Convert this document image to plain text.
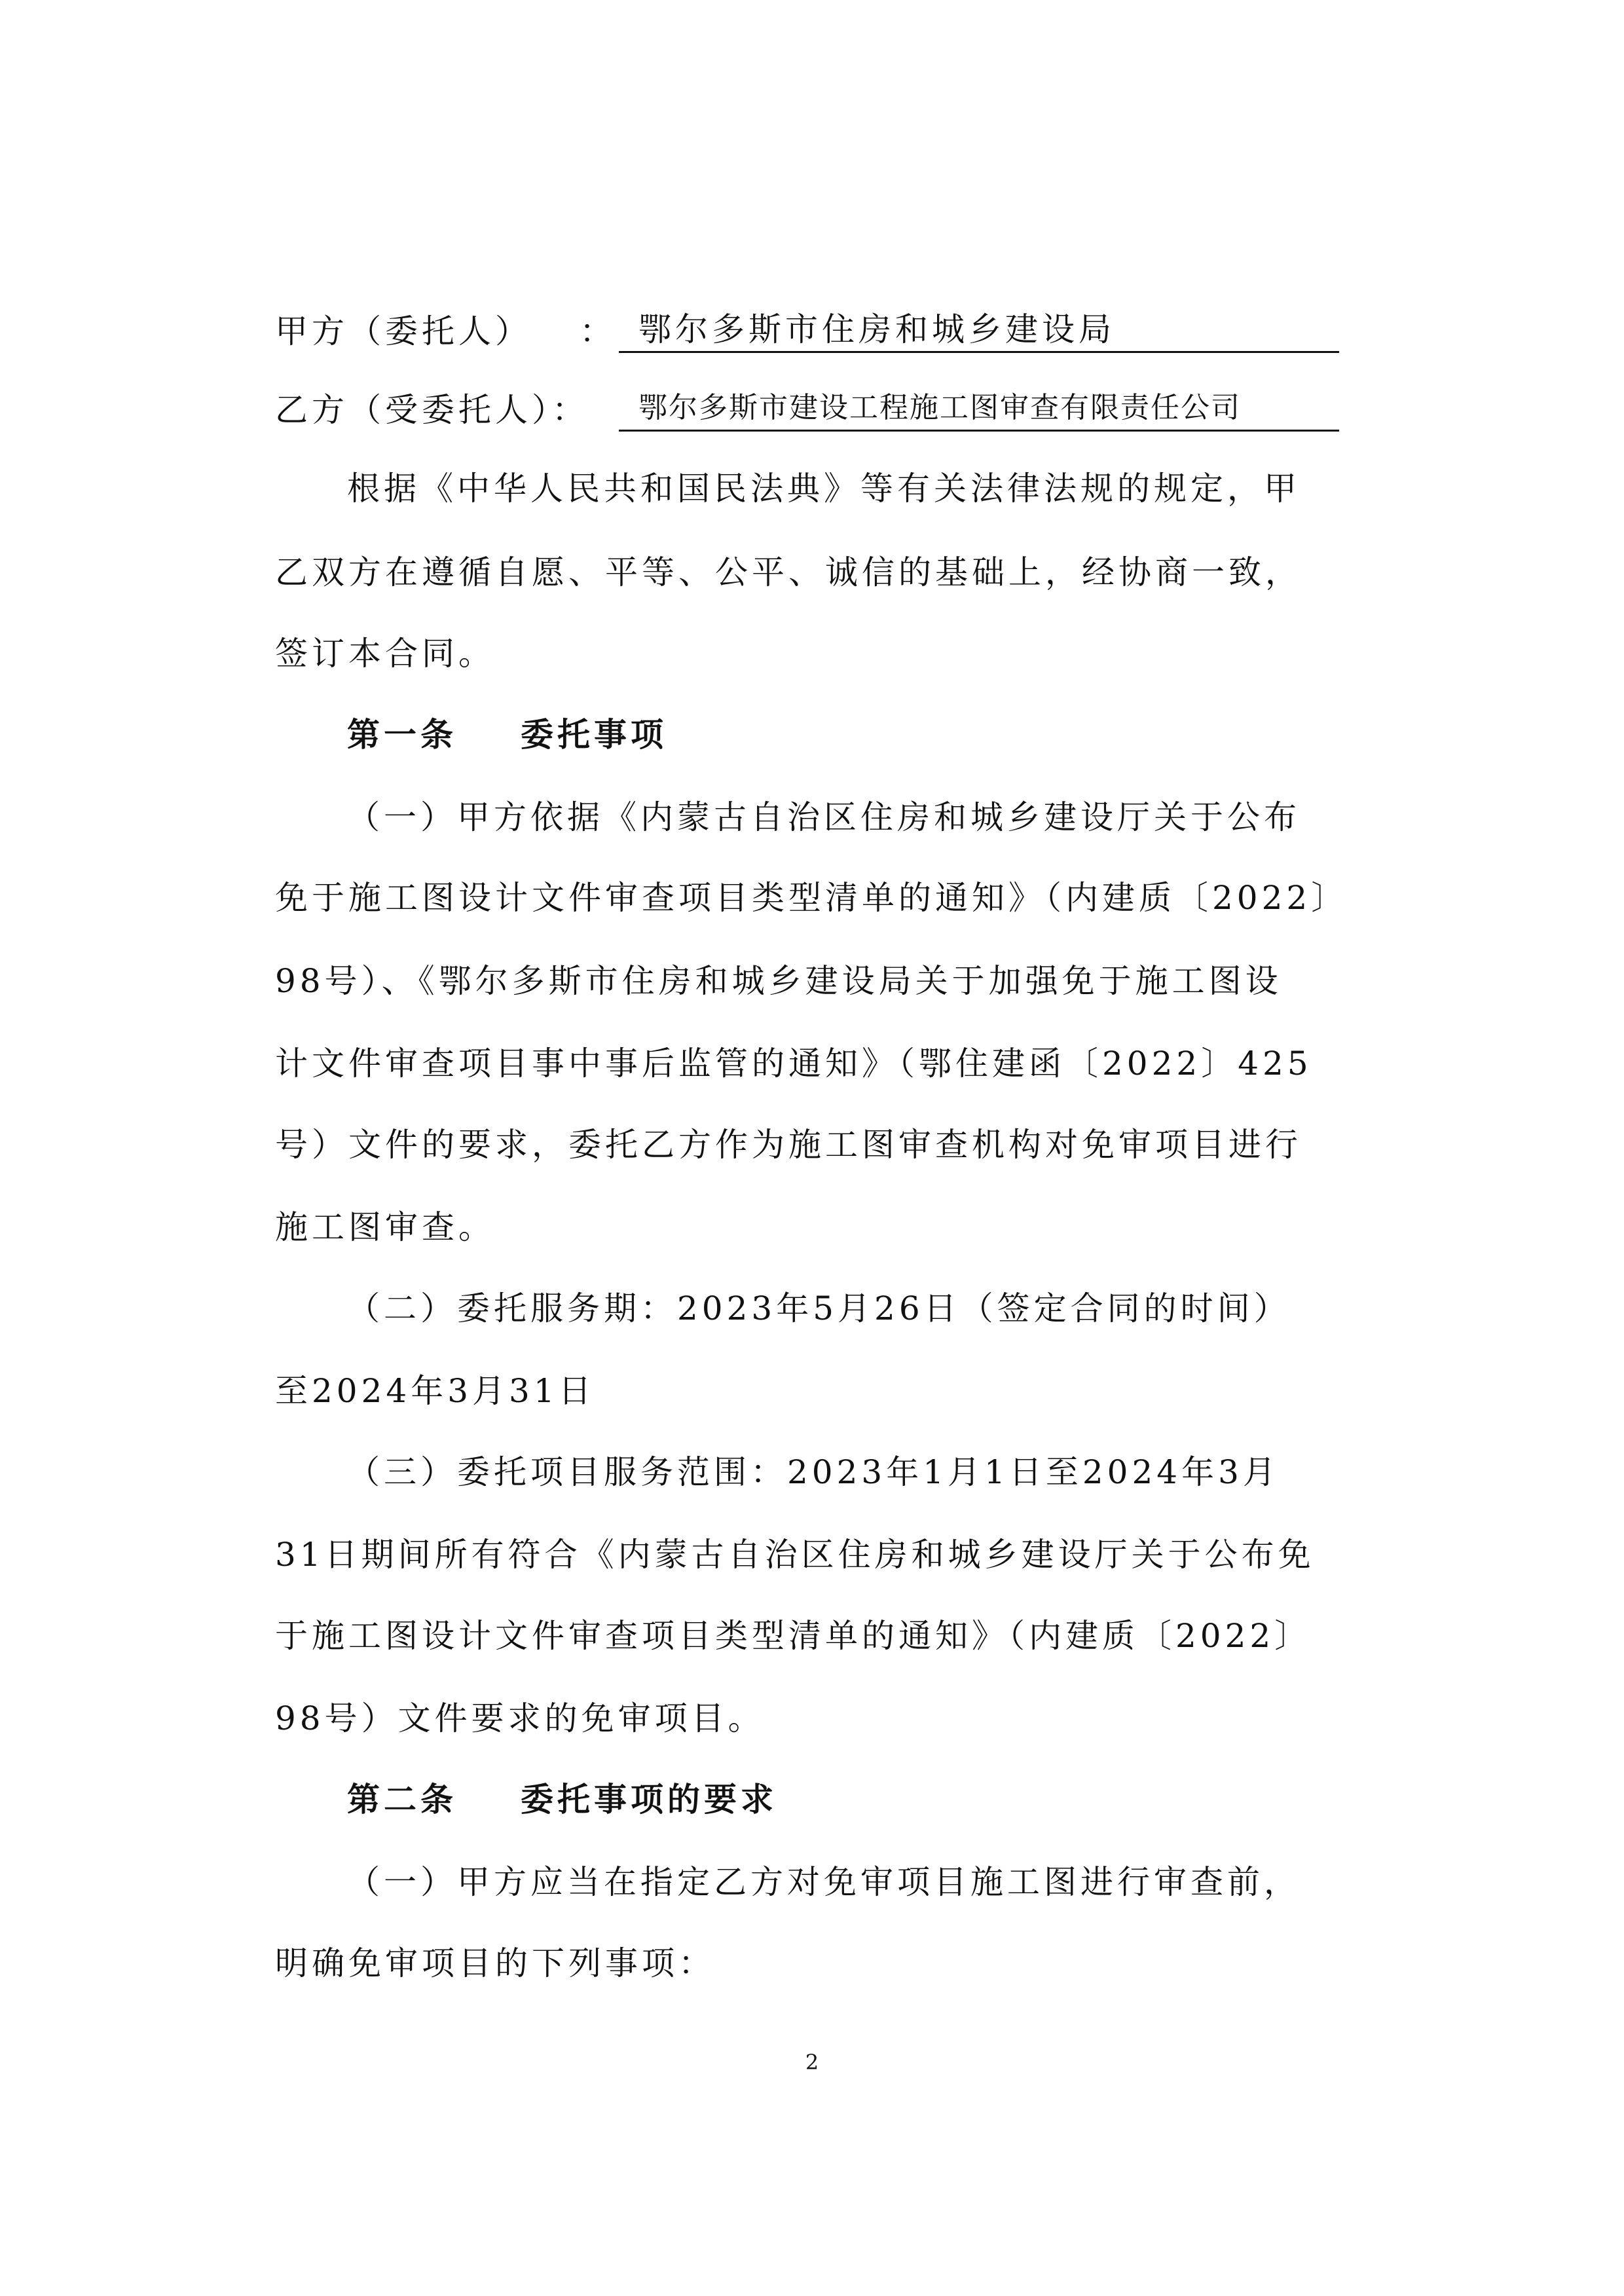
甲方（委托人） ： 鄂尔多斯市住房和城乡建设局
乙方（受委托人）：	鄂尔多斯市建设工程施工图审查有限责任公司
根据《中华人民共和国民法典》等有关法律法规的规定，甲
乙双方在遵循自愿、平等、公平、诚信的基础上，经协商一致，
签订本合同。
第一条 委托事项
（一）甲方依据《内蒙古自治区住房和城乡建设厅关于公布
免于施工图设计文件审查项目类型清单的通知》（内建质〔2022〕
98号）、《鄂尔多斯市住房和城乡建设局关于加强免于施工图设
计文件审查项目事中事后监管的通知》（鄂住建函〔2022〕425
号）文件的要求，委托乙方作为施工图审查机构对免审项目进行
施工图审查。
（二）委托服务期：2023年5月26日（签定合同的时间）
至2024年3月31日
（三）委托项目服务范围：2023年1月1日至2024年3月
31日期间所有符合《内蒙古自治区住房和城乡建设厅关于公布免
于施工图设计文件审查项目类型清单的通知》（内建质〔2022〕
98号）文件要求的免审项目。
第二条 委托事项的要求
（一）甲方应当在指定乙方对免审项目施工图进行审查前，
明确免审项目的下列事项：
2
